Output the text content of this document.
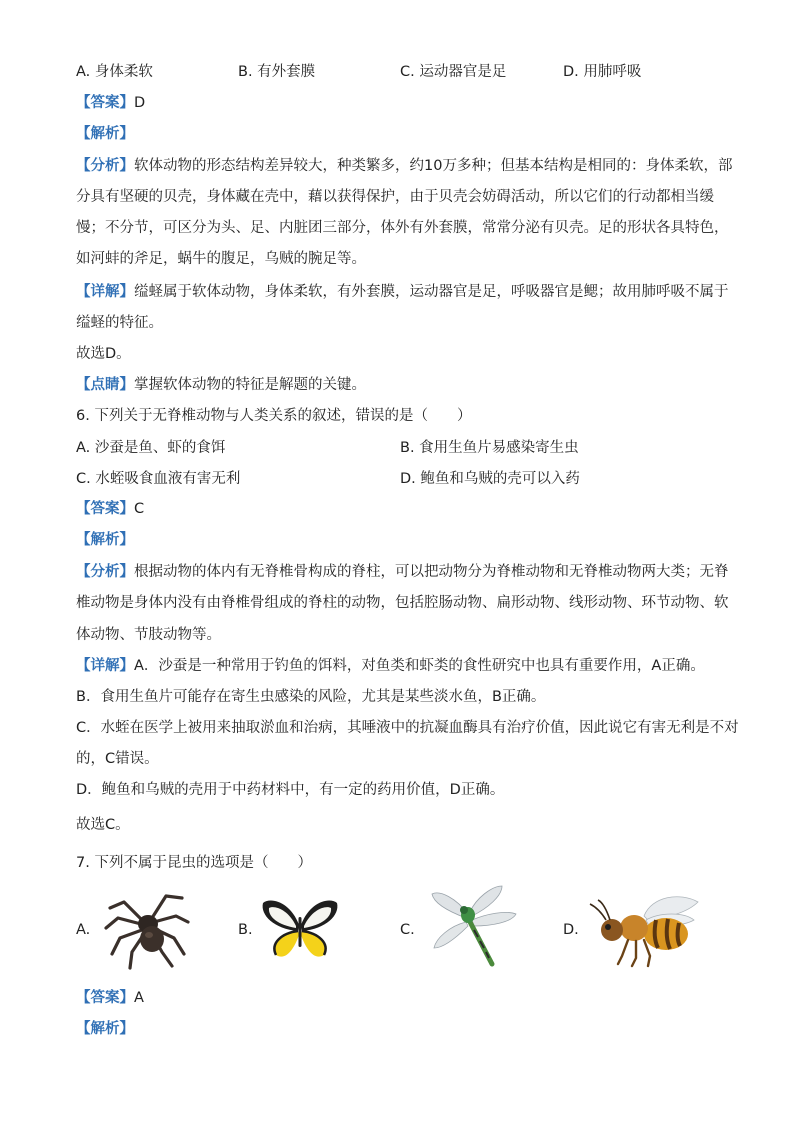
A. 身体柔软	B. 有外套膜	C. 运动器官是足	D. 用肺呼吸
【答案】D
【解析】
【分析】软体动物的形态结构差异较大，种类繁多，约10万多种；但基本结构是相同的：身体柔软，部
分具有坚硬的贝壳，身体藏在壳中，藉以获得保护，由于贝壳会妨碍活动，所以它们的行动都相当缓
慢；不分节，可区分为头、足、内脏团三部分，体外有外套膜，常常分泌有贝壳。足的形状各具特色，
如河蚌的斧足，蜗牛的腹足，乌贼的腕足等。
【详解】缢蛏属于软体动物，身体柔软，有外套膜，运动器官是足，呼吸器官是鳃；故用肺呼吸不属于
缢蛏的特征。
故选D。
【点睛】掌握软体动物的特征是解题的关键。
6. 下列关于无脊椎动物与人类关系的叙述，错误的是（　　）
A. 沙蚕是鱼、虾的食饵	B. 食用生鱼片易感染寄生虫
C. 水蛭吸食血液有害无利	D. 鲍鱼和乌贼的壳可以入药
【答案】C
【解析】
【分析】根据动物的体内有无脊椎骨构成的脊柱，可以把动物分为脊椎动物和无脊椎动物两大类；无脊
椎动物是身体内没有由脊椎骨组成的脊柱的动物，包括腔肠动物、扁形动物、线形动物、环节动物、软
体动物、节肢动物等。
【详解】A．沙蚕是一种常用于钓鱼的饵料，对鱼类和虾类的食性研究中也具有重要作用，A正确。
B．食用生鱼片可能存在寄生虫感染的风险，尤其是某些淡水鱼，B正确。
C．水蛭在医学上被用来抽取淤血和治病，其唾液中的抗凝血酶具有治疗价值，因此说它有害无利是不对
的，C错误。
D．鲍鱼和乌贼的壳用于中药材料中，有一定的药用价值，D正确。
故选C。
7. 下列不属于昆虫的选项是（　　）
A.	B.	C.	D.
【答案】A
【解析】
